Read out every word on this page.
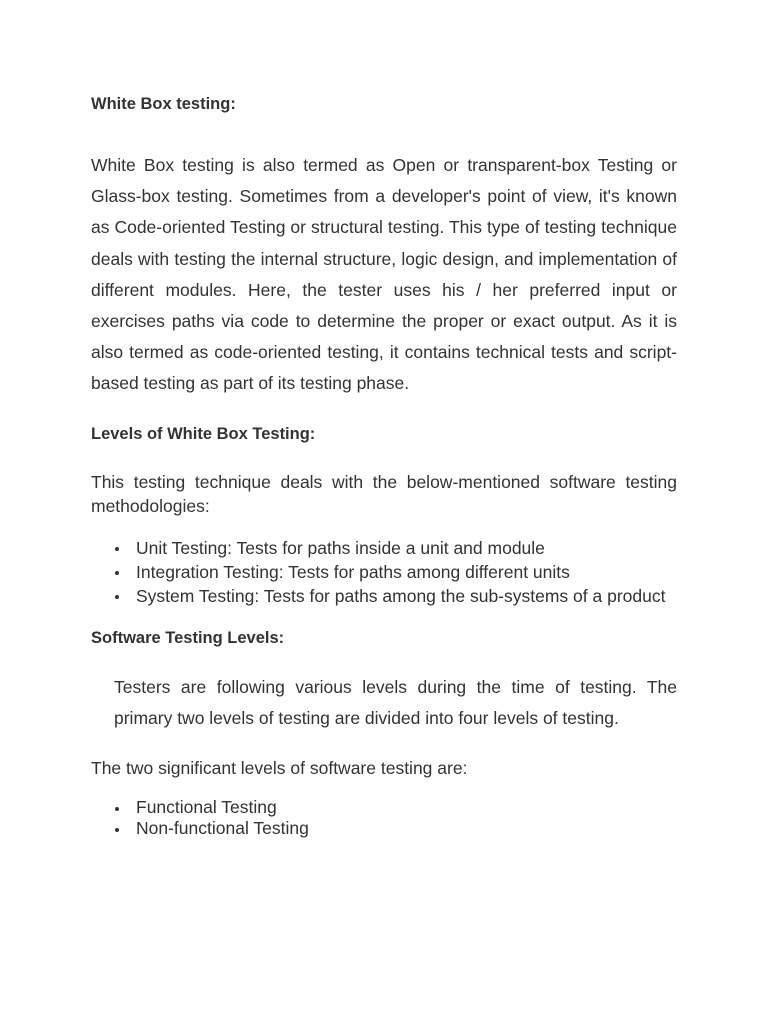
White Box testing:

White Box testing is also termed as Open or transparent-box Testing or Glass-box testing. Sometimes from a developer's point of view, it's known as Code-oriented Testing or structural testing. This type of testing technique deals with testing the internal structure, logic design, and implementation of different modules. Here, the tester uses his / her preferred input or exercises paths via code to determine the proper or exact output. As it is also termed as code-oriented testing, it contains technical tests and script-based testing as part of its testing phase.

Levels of White Box Testing:

This testing technique deals with the below-mentioned software testing methodologies:

Unit Testing: Tests for paths inside a unit and module
Integration Testing: Tests for paths among different units
System Testing: Tests for paths among the sub-systems of a product
Software Testing Levels:

Testers are following various levels during the time of testing. The primary two levels of testing are divided into four levels of testing.

The two significant levels of software testing are:

Functional Testing
Non-functional Testing
